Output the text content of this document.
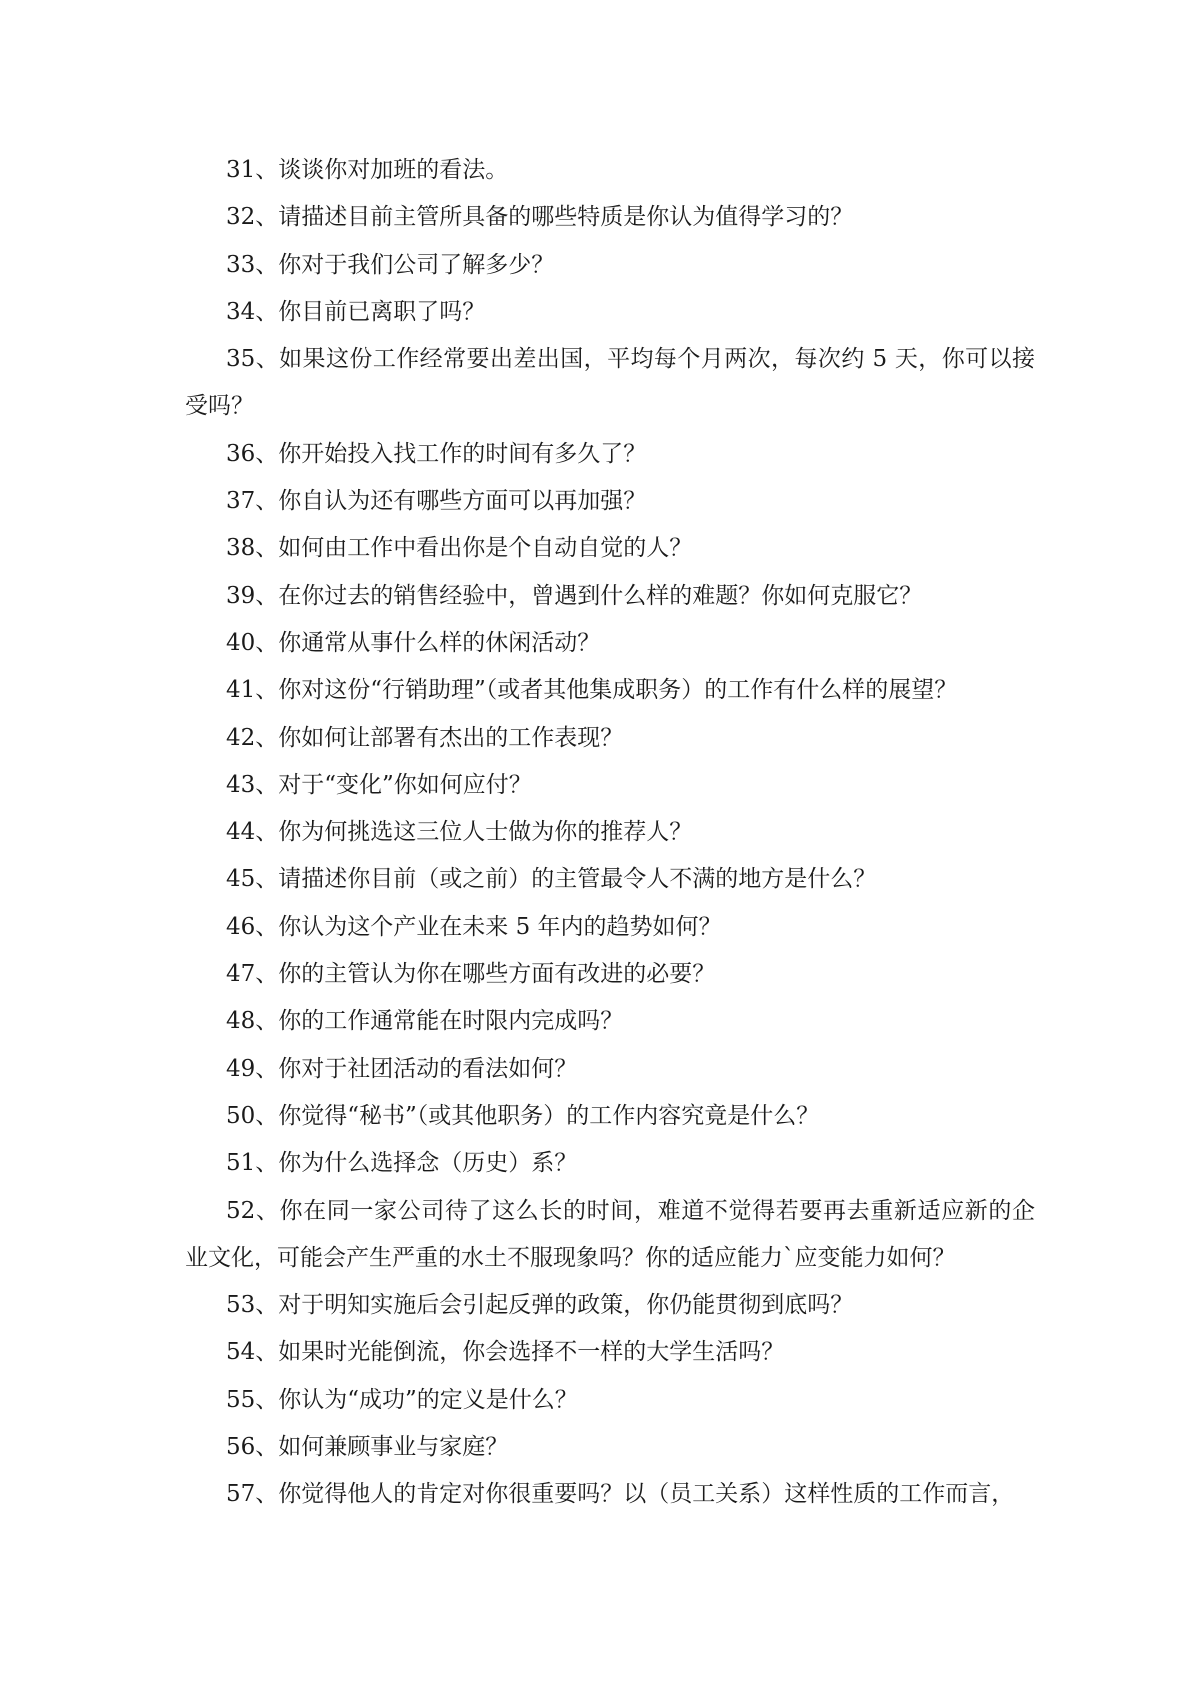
31、谈谈你对加班的看法。

32、请描述目前主管所具备的哪些特质是你认为值得学习的？

33、你对于我们公司了解多少？

34、你目前已离职了吗？

35、如果这份工作经常要出差出国，平均每个月两次，每次约 5 天，你可以接受吗？

36、你开始投入找工作的时间有多久了？

37、你自认为还有哪些方面可以再加强？

38、如何由工作中看出你是个自动自觉的人？

39、在你过去的销售经验中，曾遇到什么样的难题？你如何克服它？

40、你通常从事什么样的休闲活动？

41、你对这份“行销助理”（或者其他集成职务）的工作有什么样的展望？

42、你如何让部署有杰出的工作表现？

43、对于“变化”你如何应付？

44、你为何挑选这三位人士做为你的推荐人？

45、请描述你目前（或之前）的主管最令人不满的地方是什么？

46、你认为这个产业在未来 5 年内的趋势如何？

47、你的主管认为你在哪些方面有改进的必要？

48、你的工作通常能在时限内完成吗？

49、你对于社团活动的看法如何？

50、你觉得“秘书”（或其他职务）的工作内容究竟是什么？

51、你为什么选择念（历史）系？

52、你在同一家公司待了这么长的时间，难道不觉得若要再去重新适应新的企业文化，可能会产生严重的水土不服现象吗？你的适应能力`应变能力如何？

53、对于明知实施后会引起反弹的政策，你仍能贯彻到底吗？

54、如果时光能倒流，你会选择不一样的大学生活吗？

55、你认为“成功”的定义是什么？

56、如何兼顾事业与家庭？

57、你觉得他人的肯定对你很重要吗？以（员工关系）这样性质的工作而言，
